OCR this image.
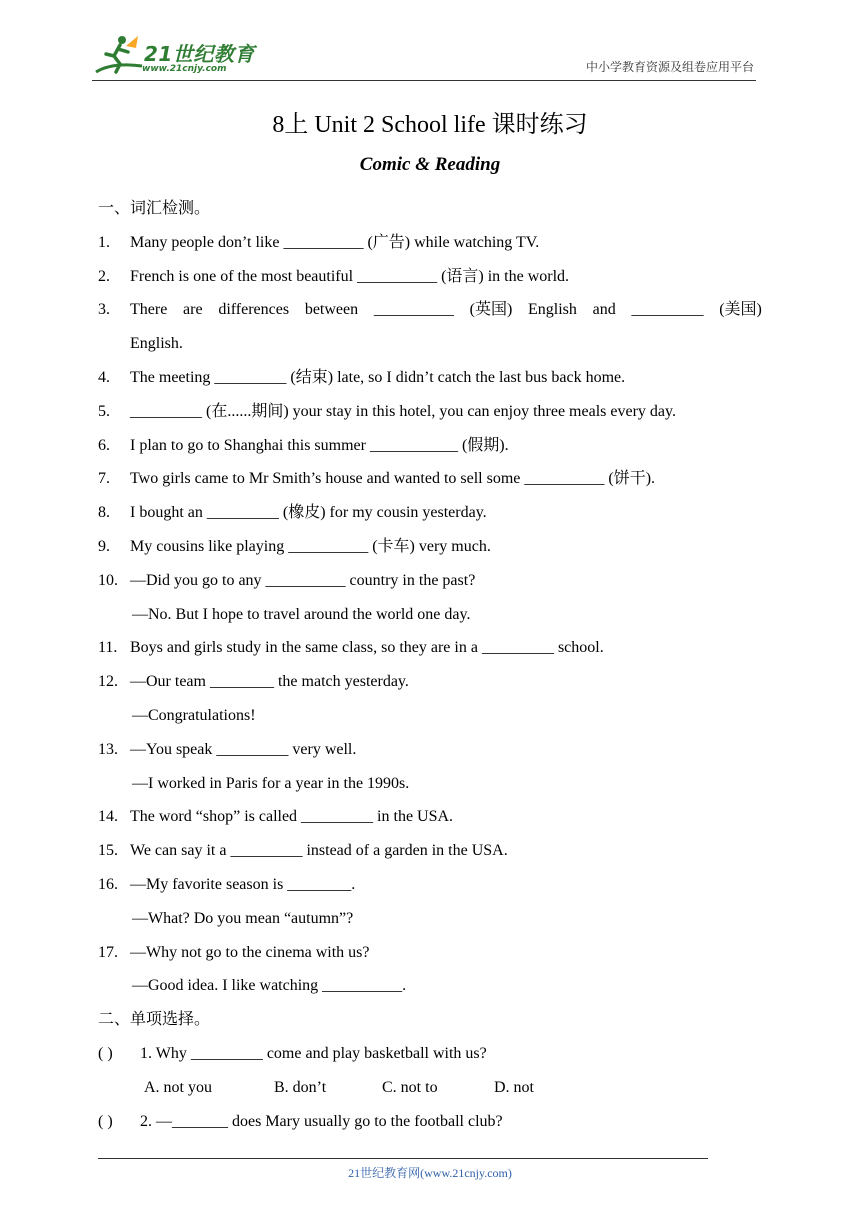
21世纪教育
www.21cnjy.com	中小学教育资源及组卷应用平台
8上 Unit 2 School life 课时练习
Comic & Reading
一、词汇检测。
1. Many people don’t like __________ (广告) while watching TV.
2. French is one of the most beautiful __________ (语言) in the world.
3. There are differences between __________ (英国) English and _________ (美国)
English.
4. The meeting _________ (结束) late, so I didn’t catch the last bus back home.
5. _________ (在......期间) your stay in this hotel, you can enjoy three meals every day.
6. I plan to go to Shanghai this summer ___________ (假期).
7. Two girls came to Mr Smith’s house and wanted to sell some __________ (饼干).
8. I bought an _________ (橡皮) for my cousin yesterday.
9. My cousins like playing __________ (卡车) very much.
10. —Did you go to any __________ country in the past?
—No. But I hope to travel around the world one day.
11. Boys and girls study in the same class, so they are in a _________ school.
12. —Our team ________ the match yesterday.
—Congratulations!
13. —You speak _________ very well.
—I worked in Paris for a year in the 1990s.
14. The word “shop” is called _________ in the USA.
15. We can say it a _________ instead of a garden in the USA.
16. —My favorite season is ________.
—What? Do you mean “autumn”?
17. —Why not go to the cinema with us?
—Good idea. I like watching __________.
二、单项选择。
( ) 1. Why _________ come and play basketball with us?
A. not you	B. don’t	C. not to	D. not
( ) 2. —_______ does Mary usually go to the football club?
21世纪教育网(www.21cnjy.com)
